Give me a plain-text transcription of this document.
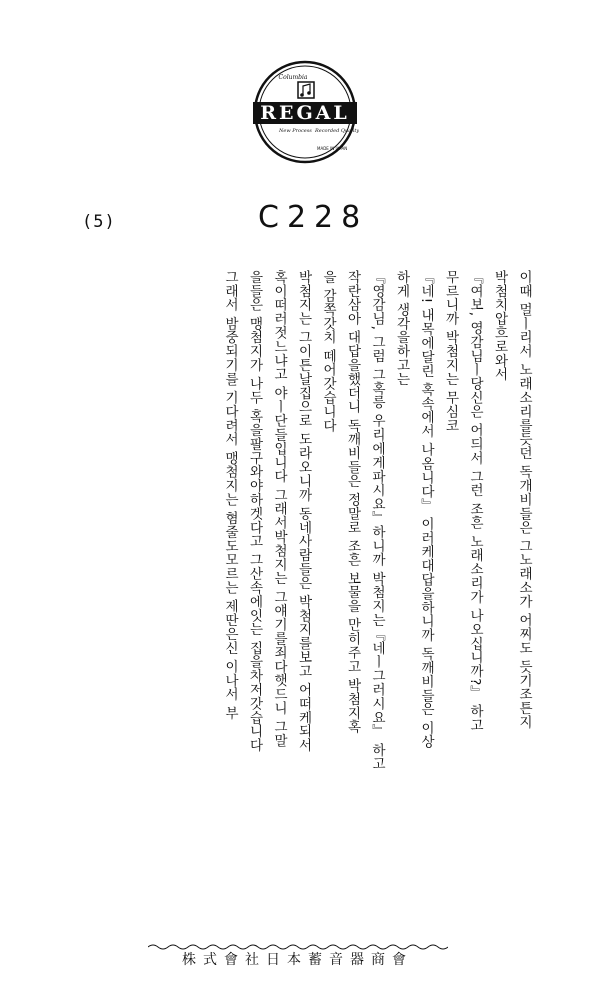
REGAL
Columbia
New Process Recorded Quality
MADE IN JAPAN
(5)	C228
이때 멀ㅣ리서 노래소리를듯던 독개비들은 그노래소가 어찌도 듯기조튼지
박첨치압흐로와서
『여보, 영감님ㅣ당신은 어듸서 그런 조흔 노래소리가 나오십니까?』 하고
무르니까 박첨지는 무심코
『네! 내목에달린 혹속에서 나옴니다』 이러케대답을하니까 독깨비들은 이상
하게 생각을하고는
『영감님, 그럼 그혹릉 우리에게파시요』하니까 박첨지는『네ㅣ그러시요』 하고
작란삼아 대답을했더니 독깨비들은 정말로 조흔 보물을 만히주고 박첨지혹
을 감쪽갓치 떼어갓습니다
박첨지는 그이튼날집으로 도라오니까 동네사람들은 박첨지를보고 어떠케되서
혹이떠러젓느냐고 야ㅣ단들입니다 그래서박첨지는 그얘기를죄다햇드니 그말
을들은 맹첨지가 나두 혹을팔구와야하겟다고 그산속에잇는 집을차저갓습니다
그래서 밤중되기를 기다려서 맹첨지는 혐줄도모르는 제딴은신 이나서 부
株式會社日本蓄音器商會
